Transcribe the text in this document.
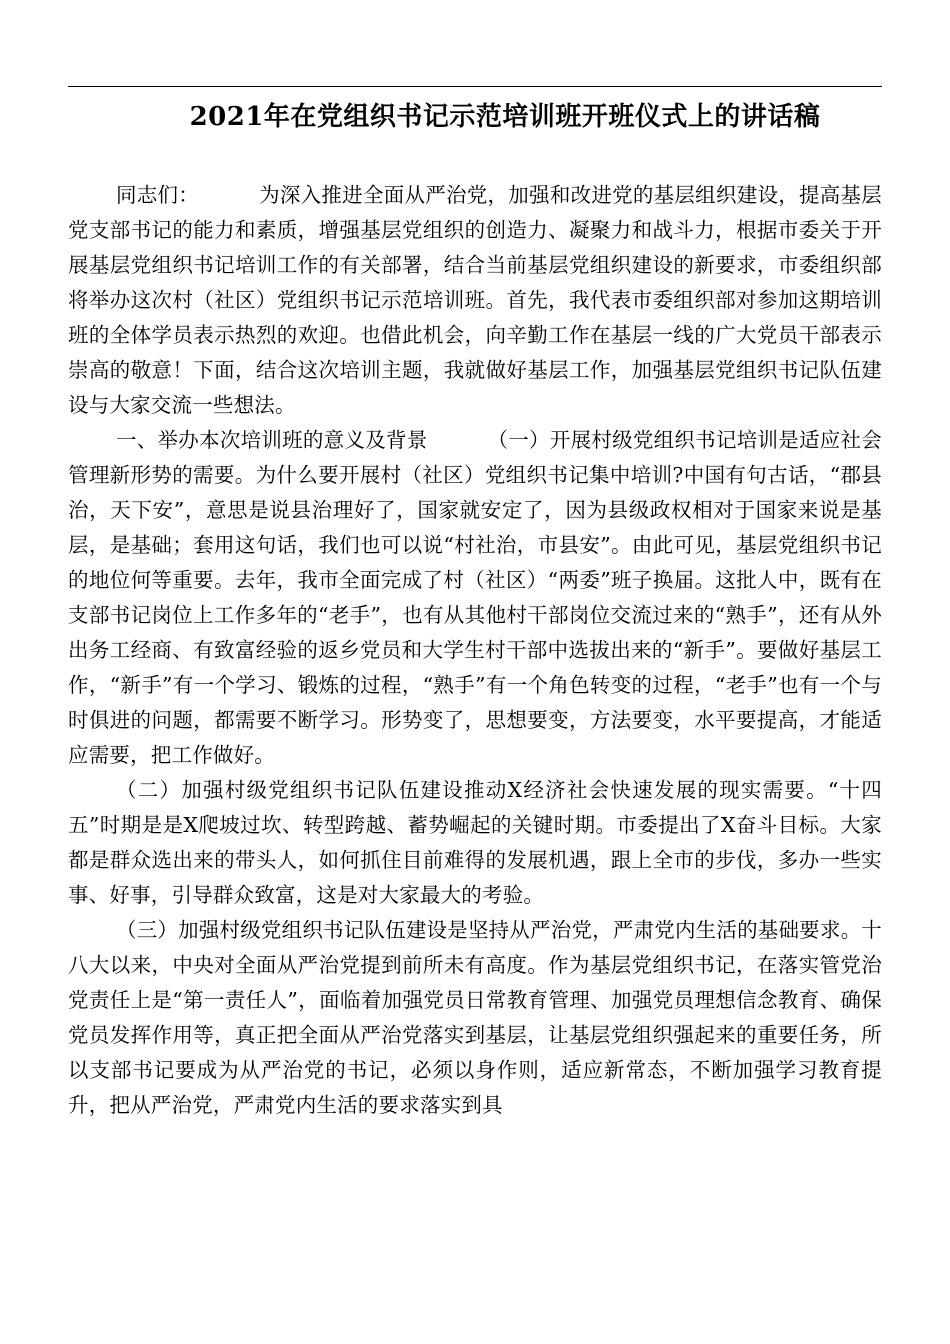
2021年在党组织书记示范培训班开班仪式上的讲话稿

同志们：	为深入推进全面从严治党，加强和改进党的基层组织建设，提高基层党支部书记的能力和素质，增强基层党组织的创造力、凝聚力和战斗力，根据市委关于开展基层党组织书记培训工作的有关部署，结合当前基层党组织建设的新要求，市委组织部将举办这次村（社区）党组织书记示范培训班。首先，我代表市委组织部对参加这期培训班的全体学员表示热烈的欢迎。也借此机会，向辛勤工作在基层一线的广大党员干部表示崇高的敬意！下面，结合这次培训主题，我就做好基层工作，加强基层党组织书记队伍建设与大家交流一些想法。

一、举办本次培训班的意义及背景	（一）开展村级党组织书记培训是适应社会管理新形势的需要。为什么要开展村（社区）党组织书记集中培训?中国有句古话，“郡县治，天下安”，意思是说县治理好了，国家就安定了，因为县级政权相对于国家来说是基层，是基础；套用这句话，我们也可以说“村社治，市县安”。由此可见，基层党组织书记的地位何等重要。去年，我市全面完成了村（社区）“两委”班子换届。这批人中，既有在支部书记岗位上工作多年的“老手”，也有从其他村干部岗位交流过来的“熟手”，还有从外出务工经商、有致富经验的返乡党员和大学生村干部中选拔出来的“新手”。要做好基层工作，“新手”有一个学习、锻炼的过程，“熟手”有一个角色转变的过程，“老手”也有一个与时俱进的问题，都需要不断学习。形势变了，思想要变，方法要变，水平要提高，才能适应需要，把工作做好。

（二）加强村级党组织书记队伍建设推动X经济社会快速发展的现实需要。“十四五”时期是是X爬坡过坎、转型跨越、蓄势崛起的关键时期。市委提出了X奋斗目标。大家都是群众选出来的带头人，如何抓住目前难得的发展机遇，跟上全市的步伐，多办一些实事、好事，引导群众致富，这是对大家最大的考验。

（三）加强村级党组织书记队伍建设是坚持从严治党，严肃党内生活的基础要求。十八大以来，中央对全面从严治党提到前所未有高度。作为基层党组织书记，在落实管党治党责任上是“第一责任人”，面临着加强党员日常教育管理、加强党员理想信念教育、确保党员发挥作用等，真正把全面从严治党落实到基层，让基层党组织强起来的重要任务，所以支部书记要成为从严治党的书记，必须以身作则，适应新常态，不断加强学习教育提升，把从严治党，严肃党内生活的要求落实到具
